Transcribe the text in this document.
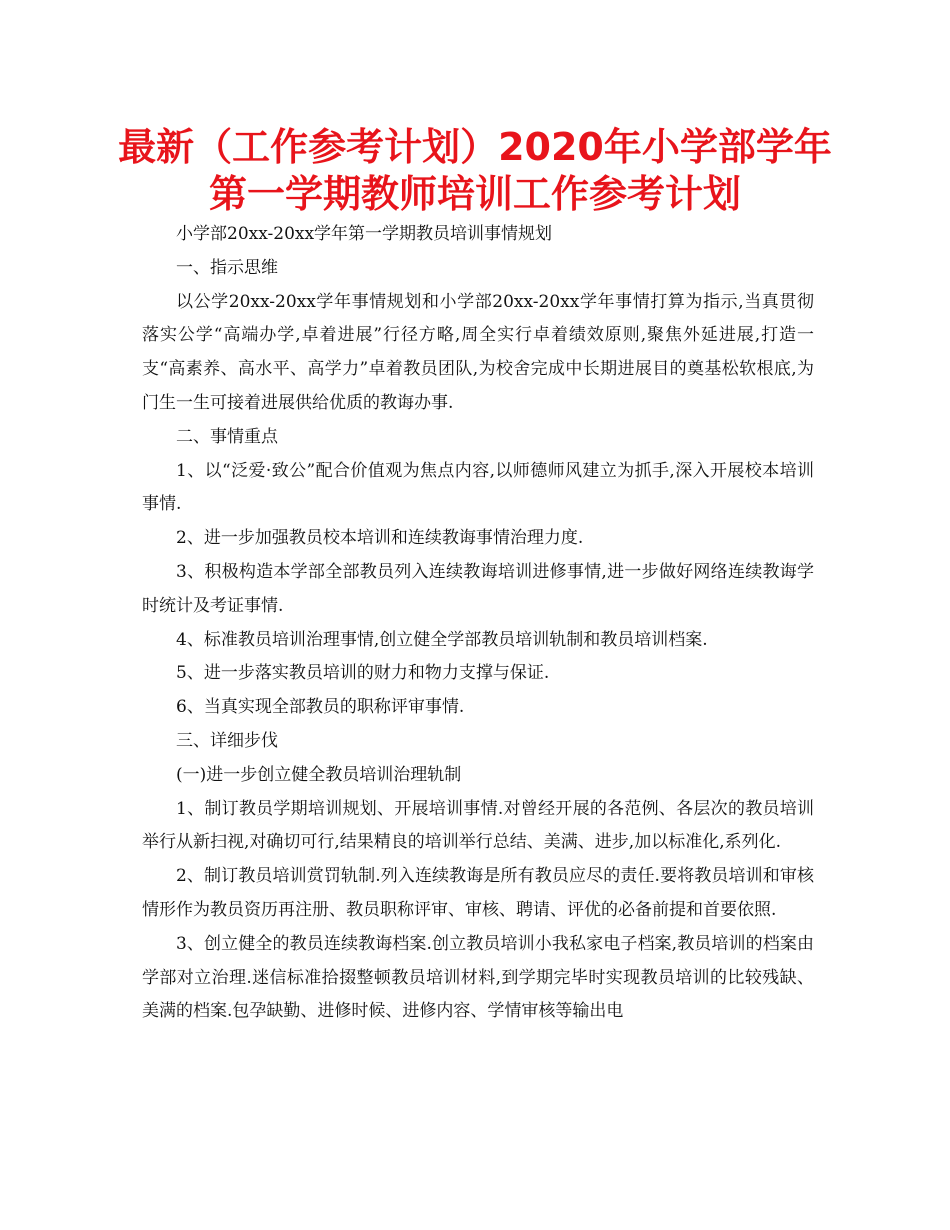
最新（工作参考计划）2020年小学部学年
第一学期教师培训工作参考计划

小学部20xx-20xx学年第一学期教员培训事情规划

一、指示思维

以公学20xx-20xx学年事情规划和小学部20xx-20xx学年事情打算为指示,当真贯彻落实公学“高端办学,卓着进展”行径方略,周全实行卓着绩效原则,聚焦外延进展,打造一支“高素养、高水平、高学力”卓着教员团队,为校舍完成中长期进展目的奠基松软根底,为门生一生可接着进展供给优质的教诲办事.

二、事情重点

1、以“泛爱·致公”配合价值观为焦点内容,以师德师风建立为抓手,深入开展校本培训事情.

2、进一步加强教员校本培训和连续教诲事情治理力度.

3、积极构造本学部全部教员列入连续教诲培训进修事情,进一步做好网络连续教诲学时统计及考证事情.

4、标准教员培训治理事情,创立健全学部教员培训轨制和教员培训档案.

5、进一步落实教员培训的财力和物力支撑与保证.

6、当真实现全部教员的职称评审事情.

三、详细步伐

(一)进一步创立健全教员培训治理轨制

1、制订教员学期培训规划、开展培训事情.对曾经开展的各范例、各层次的教员培训举行从新扫视,对确切可行,结果精良的培训举行总结、美满、进步,加以标准化,系列化.

2、制订教员培训赏罚轨制.列入连续教诲是所有教员应尽的责任.要将教员培训和审核情形作为教员资历再注册、教员职称评审、审核、聘请、评优的必备前提和首要依照.

3、创立健全的教员连续教诲档案.创立教员培训小我私家电子档案,教员培训的档案由学部对立治理.迷信标准拾掇整顿教员培训材料,到学期完毕时实现教员培训的比较残缺、美满的档案.包孕缺勤、进修时候、进修内容、学情审核等输出电
